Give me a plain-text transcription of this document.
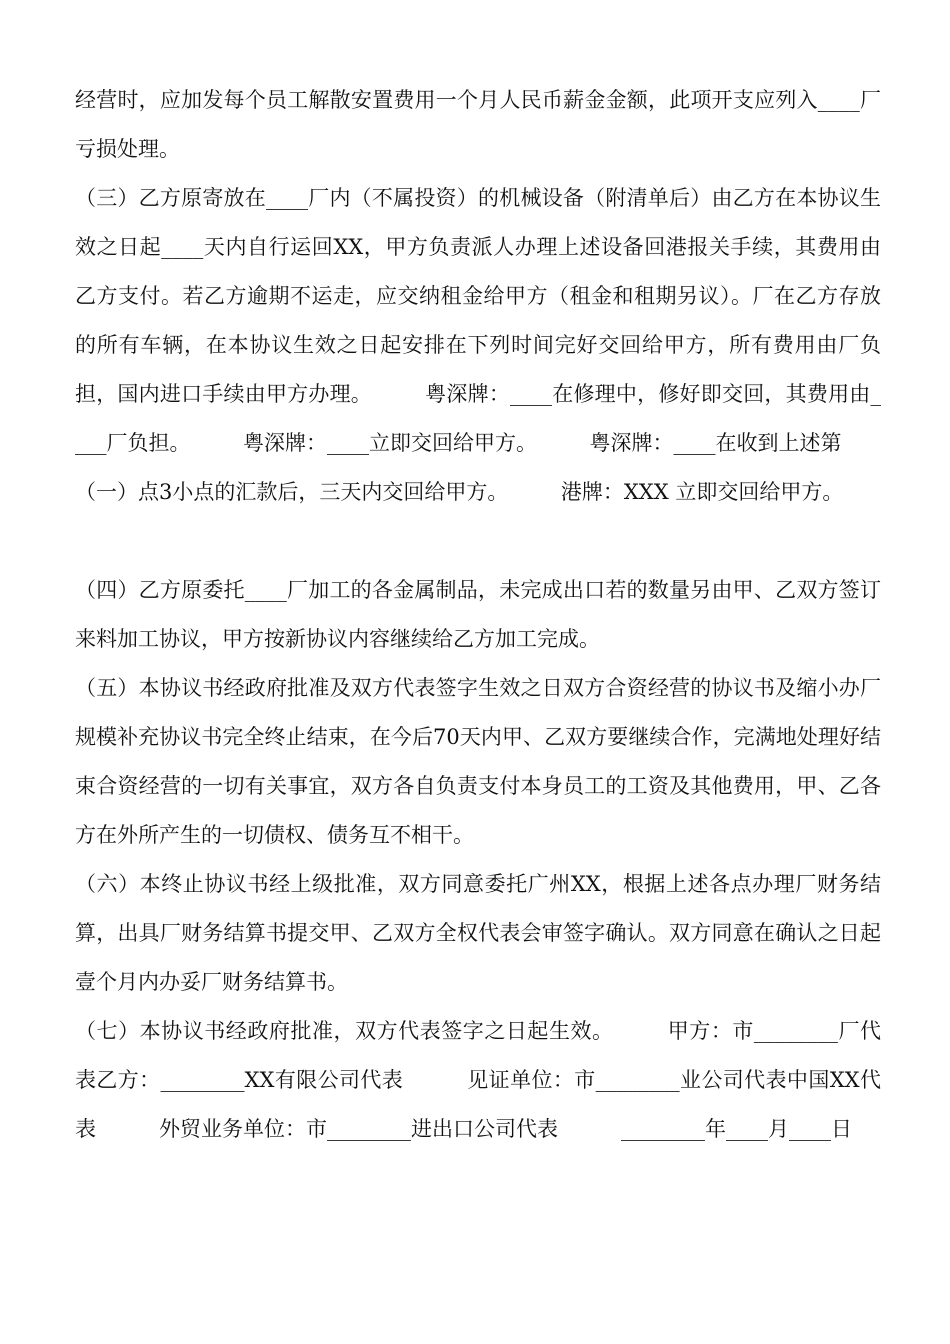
经营时，应加发每个员工解散安置费用一个月人民币薪金金额，此项开支应列入____厂亏损处理。

（三）乙方原寄放在____厂内（不属投资）的机械设备（附清单后）由乙方在本协议生效之日起____天内自行运回XX，甲方负责派人办理上述设备回港报关手续，其费用由乙方支付。若乙方逾期不运走，应交纳租金给甲方（租金和租期另议）。厂在乙方存放的所有车辆，在本协议生效之日起安排在下列时间完好交回给甲方，所有费用由厂负担，国内进口手续由甲方办理。　　　粤深牌：____在修理中，修好即交回，其费用由____厂负担。　　　粤深牌：____立即交回给甲方。　　　粤深牌：____在收到上述第

（一）点3小点的汇款后，三天内交回给甲方。　　　港牌：XXX 立即交回给甲方。

（四）乙方原委托____厂加工的各金属制品，未完成出口若的数量另由甲、乙双方签订来料加工协议，甲方按新协议内容继续给乙方加工完成。

（五）本协议书经政府批准及双方代表签字生效之日双方合资经营的协议书及缩小办厂规模补充协议书完全终止结束，在今后70天内甲、乙双方要继续合作，完满地处理好结束合资经营的一切有关事宜，双方各自负责支付本身员工的工资及其他费用，甲、乙各方在外所产生的一切债权、债务互不相干。

（六）本终止协议书经上级批准，双方同意委托广州XX，根据上述各点办理厂财务结算，出具厂财务结算书提交甲、乙双方全权代表会审签字确认。双方同意在确认之日起壹个月内办妥厂财务结算书。

（七）本协议书经政府批准，双方代表签字之日起生效。　　　甲方：市________厂代表乙方：________XX有限公司代表　　　见证单位：市________业公司代表中国XX代表　　　外贸业务单位：市________进出口公司代表　　　________年____月____日
